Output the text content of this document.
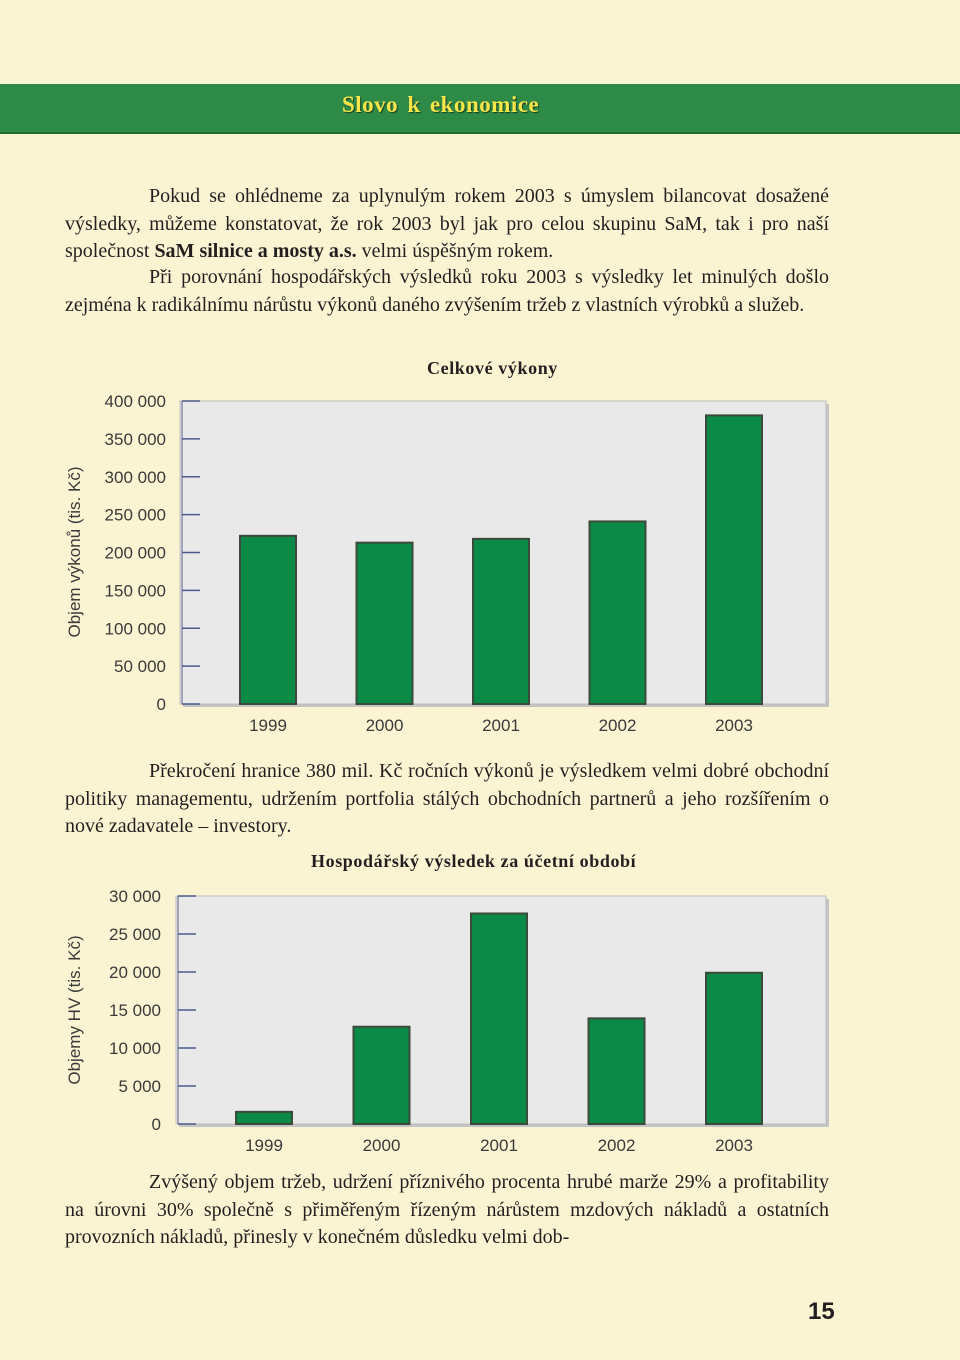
Slovo k ekonomice

Pokud se ohlédneme za uplynulým rokem 2003 s úmyslem bilancovat dosažené výsledky, můžeme konstatovat, že rok 2003 byl jak pro celou skupinu SaM, tak i pro naší společnost SaM silnice a mosty a.s. velmi úspěšným rokem.

Při porovnání hospodářských výsledků roku 2003 s výsledky let minulých došlo zejména k radikálnímu nárůstu výkonů daného zvýšením tržeb z vlastních výrobků a služeb.

Celkové výkony
0
50 000
100 000
150 000
200 000
250 000
300 000
350 000
400 000
1999	2000	2001	2002	2003
Objem výkonů (tis. Kč)

Překročení hranice 380 mil. Kč ročních výkonů je výsledkem velmi dobré obchodní politiky managementu, udržením portfolia stálých obchodních partnerů a jeho rozšířením o nové zadavatele – investory.

Hospodářský výsledek za účetní období
0
5 000
10 000
15 000
20 000
25 000
30 000
1999	2000	2001	2002	2003
Objemy HV (tis. Kč)

Zvýšený objem tržeb, udržení příznivého procenta hrubé marže 29% a profitability na úrovni 30% společně s přiměřeným řízeným nárůstem mzdových nákladů a ostatních provozních nákladů, přinesly v konečném důsledku velmi dob-

15
